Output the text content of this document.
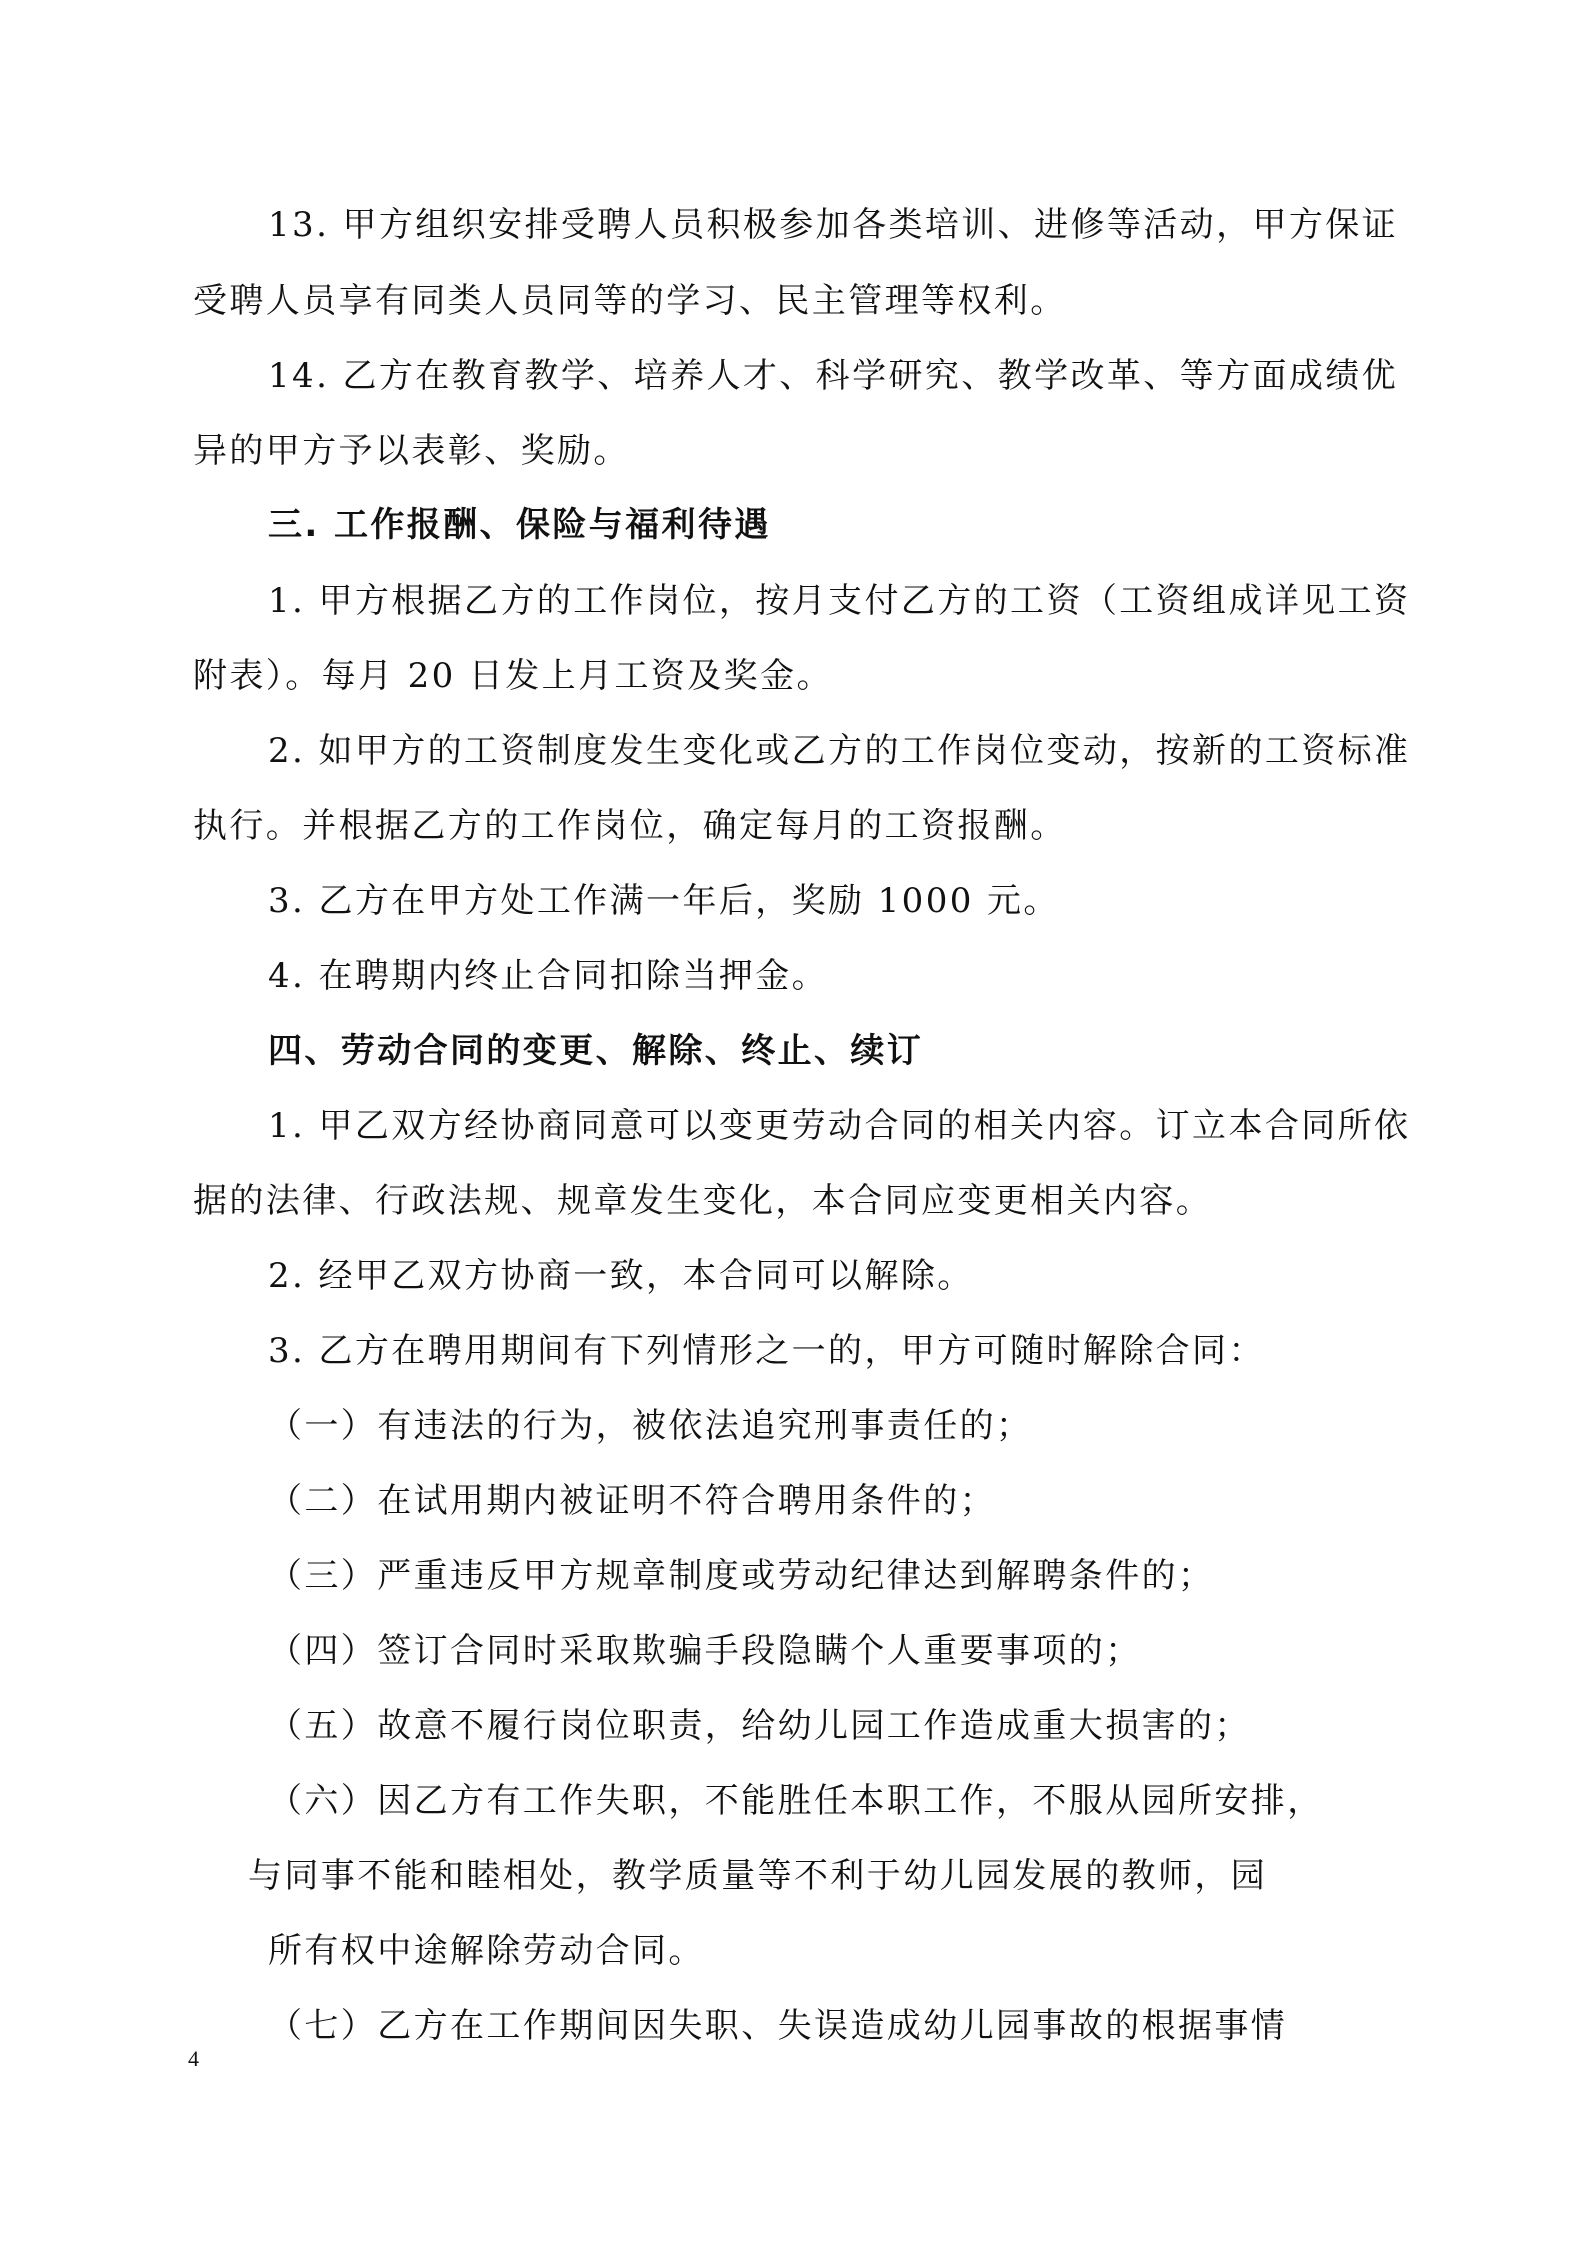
13. 甲方组织安排受聘人员积极参加各类培训、进修等活动，甲方保证
受聘人员享有同类人员同等的学习、民主管理等权利。
14. 乙方在教育教学、培养人才、科学研究、教学改革、等方面成绩优
异的甲方予以表彰、奖励。
三. 工作报酬、保险与福利待遇
1. 甲方根据乙方的工作岗位，按月支付乙方的工资（工资组成详见工资
附表）。每月 20 日发上月工资及奖金。
2. 如甲方的工资制度发生变化或乙方的工作岗位变动，按新的工资标准
执行。并根据乙方的工作岗位，确定每月的工资报酬。
3. 乙方在甲方处工作满一年后，奖励 1000 元。
4. 在聘期内终止合同扣除当押金。
四、劳动合同的变更、解除、终止、续订
1. 甲乙双方经协商同意可以变更劳动合同的相关内容。订立本合同所依
据的法律、行政法规、规章发生变化，本合同应变更相关内容。
2. 经甲乙双方协商一致，本合同可以解除。
3. 乙方在聘用期间有下列情形之一的，甲方可随时解除合同：
（一）有违法的行为，被依法追究刑事责任的；
（二）在试用期内被证明不符合聘用条件的；
（三）严重违反甲方规章制度或劳动纪律达到解聘条件的；
（四）签订合同时采取欺骗手段隐瞒个人重要事项的；
（五）故意不履行岗位职责，给幼儿园工作造成重大损害的；
（六）因乙方有工作失职，不能胜任本职工作，不服从园所安排，
与同事不能和睦相处，教学质量等不利于幼儿园发展的教师，园
所有权中途解除劳动合同。
（七）乙方在工作期间因失职、失误造成幼儿园事故的根据事情
4
